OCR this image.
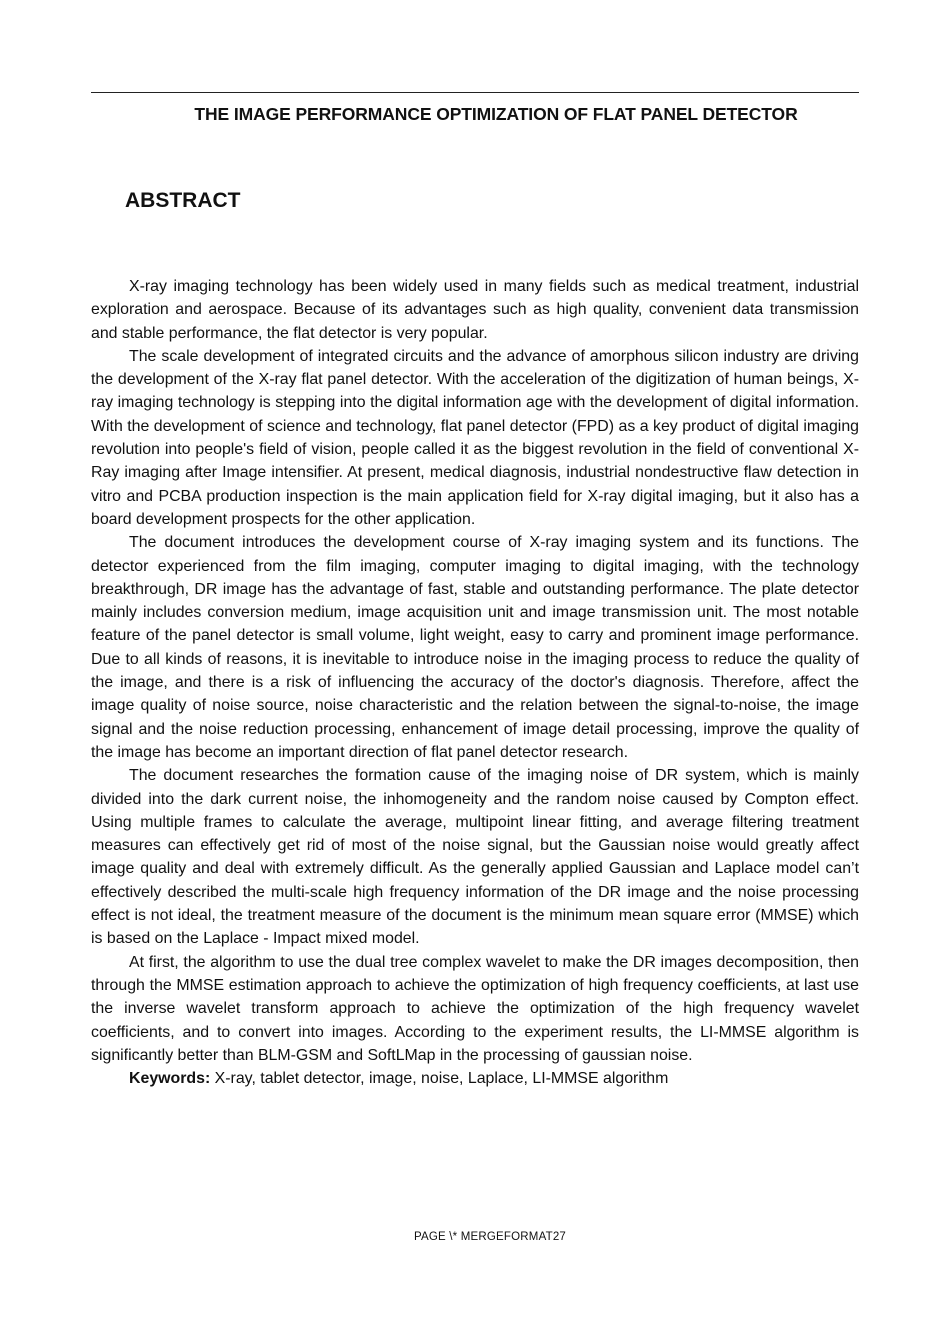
THE IMAGE PERFORMANCE OPTIMIZATION OF FLAT PANEL DETECTOR
ABSTRACT

X-ray imaging technology has been widely used in many fields such as medical treatment, industrial exploration and aerospace. Because of its advantages such as high quality, convenient data transmission and stable performance, the flat detector is very popular.

The scale development of integrated circuits and the advance of amorphous silicon industry are driving the development of the X-ray flat panel detector. With the acceleration of the digitization of human beings, X-ray imaging technology is stepping into the digital information age with the development of digital information. With the development of science and technology, flat panel detector (FPD) as a key product of digital imaging revolution into people's field of vision, people called it as the biggest revolution in the field of conventional X-Ray imaging after Image intensifier. At present, medical diagnosis, industrial nondestructive flaw detection in vitro and PCBA production inspection is the main application field for X-ray digital imaging, but it also has a board development prospects for the other application.

The document introduces the development course of X-ray imaging system and its functions. The detector experienced from the film imaging, computer imaging to digital imaging, with the technology breakthrough, DR image has the advantage of fast, stable and outstanding performance. The plate detector mainly includes conversion medium, image acquisition unit and image transmission unit. The most notable feature of the panel detector is small volume, light weight, easy to carry and prominent image performance. Due to all kinds of reasons, it is inevitable to introduce noise in the imaging process to reduce the quality of the image, and there is a risk of influencing the accuracy of the doctor's diagnosis. Therefore, affect the image quality of noise source, noise characteristic and the relation between the signal-to-noise, the image signal and the noise reduction processing, enhancement of image detail processing, improve the quality of the image has become an important direction of flat panel detector research.

The document researches the formation cause of the imaging noise of DR system, which is mainly divided into the dark current noise, the inhomogeneity and the random noise caused by Compton effect. Using multiple frames to calculate the average, multipoint linear fitting, and average filtering treatment measures can effectively get rid of most of the noise signal, but the Gaussian noise would greatly affect image quality and deal with extremely difficult. As the generally applied Gaussian and Laplace model can’t effectively described the multi-scale high frequency information of the DR image and the noise processing effect is not ideal, the treatment measure of the document is the minimum mean square error (MMSE) which is based on the Laplace - Impact mixed model.

At first, the algorithm to use the dual tree complex wavelet to make the DR images decomposition, then through the MMSE estimation approach to achieve the optimization of high frequency coefficients, at last use the inverse wavelet transform approach to achieve the optimization of the high frequency wavelet coefficients, and to convert into images. According to the experiment results, the LI-MMSE algorithm is significantly better than BLM-GSM and SoftLMap in the processing of gaussian noise.

Keywords: X-ray, tablet detector, image, noise, Laplace, LI-MMSE algorithm

PAGE \* MERGEFORMAT27
